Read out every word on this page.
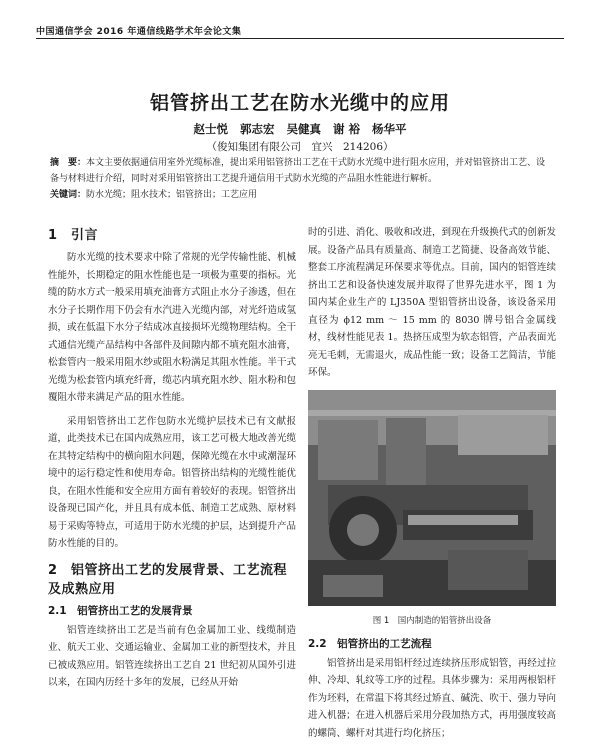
中国通信学会 2016 年通信线路学术年会论文集
铝管挤出工艺在防水光缆中的应用
赵士悦 郭志宏 吴健真 谢 裕 杨华平
（俊知集团有限公司　宜兴　214206）
摘　要：本文主要依据通信用室外光缆标准，提出采用铝管挤出工艺在干式防水光缆中进行阻水应用，并对铝管挤出工艺、设备与材料进行介绍，同时对采用铝管挤出工艺提升通信用干式防水光缆的产品阻水性能进行解析。
关键词：防水光缆；阻水技术；铝管挤出；工艺应用
1　引言

防水光缆的技术要求中除了常规的光学传输性能、机械性能外，长期稳定的阻水性能也是一项极为重要的指标。光缆的防水方式一般采用填充油膏方式阻止水分子渗透，但在水分子长期作用下仍会有水汽进入光缆内部，对光纤造成氢损，或在低温下水分子结成冰直接损坏光缆物理结构。全干式通信光缆产品结构中各部件及间隙内都不填充阻水油膏，松套管内一般采用阻水纱或阻水粉满足其阻水性能。半干式光缆为松套管内填充纤膏，缆芯内填充阻水纱、阻水粉和包覆阻水带来满足产品的阻水性能。

采用铝管挤出工艺作包防水光缆护层技术已有文献报道，此类技术已在国内成熟应用，该工艺可极大地改善光缆在其特定结构中的横向阻水问题，保障光缆在水中或潮湿环境中的运行稳定性和使用寿命。铝管挤出结构的光缆性能优良，在阻水性能和安全应用方面有着较好的表现。铝管挤出设备现已国产化，并且具有成本低、制造工艺成熟、原材料易于采购等特点，可适用于防水光缆的护层，达到提升产品防水性能的目的。

2　铝管挤出工艺的发展背景、工艺流程及成熟应用
2.1　铝管挤出工艺的发展背景

铝管连续挤出工艺是当前有色金属加工业、线缆制造业、航天工业、交通运输业、金属加工业的新型技术，并且已被成熟应用。铝管连续挤出工艺自 21 世纪初从国外引进以来，在国内历经十多年的发展，已经从开始

时的引进、消化、吸收和改进，到现在升级换代式的创新发展。设备产品具有质量高、制造工艺简捷、设备高效节能、整套工序流程满足环保要求等优点。目前，国内的铝管连续挤出工艺和设备快速发展并取得了世界先进水平，图 1 为国内某企业生产的 LJ350A 型铝管挤出设备，该设备采用直径为 ϕ12 mm ～ 15 mm 的 8030 牌号铝合金属线材，线材性能见表 1。热挤压成型为软态铝管，产品表面光亮无毛刺，无需退火，成品性能一致；设备工艺简洁，节能环保。

图 1　国内制造的铝管挤出设备
2.2　铝管挤出的工艺流程

铝管挤出是采用铝杆经过连续挤压形成铝管，再经过拉伸、冷却、轧纹等工序的过程。具体步骤为：采用两根铝杆作为坯料，在常温下将其经过矫直、碱洗、吹干、强力导向进入机器；在进入机器后采用分段加热方式，再用强度较高的螺筒、螺杆对其进行均化挤压；
